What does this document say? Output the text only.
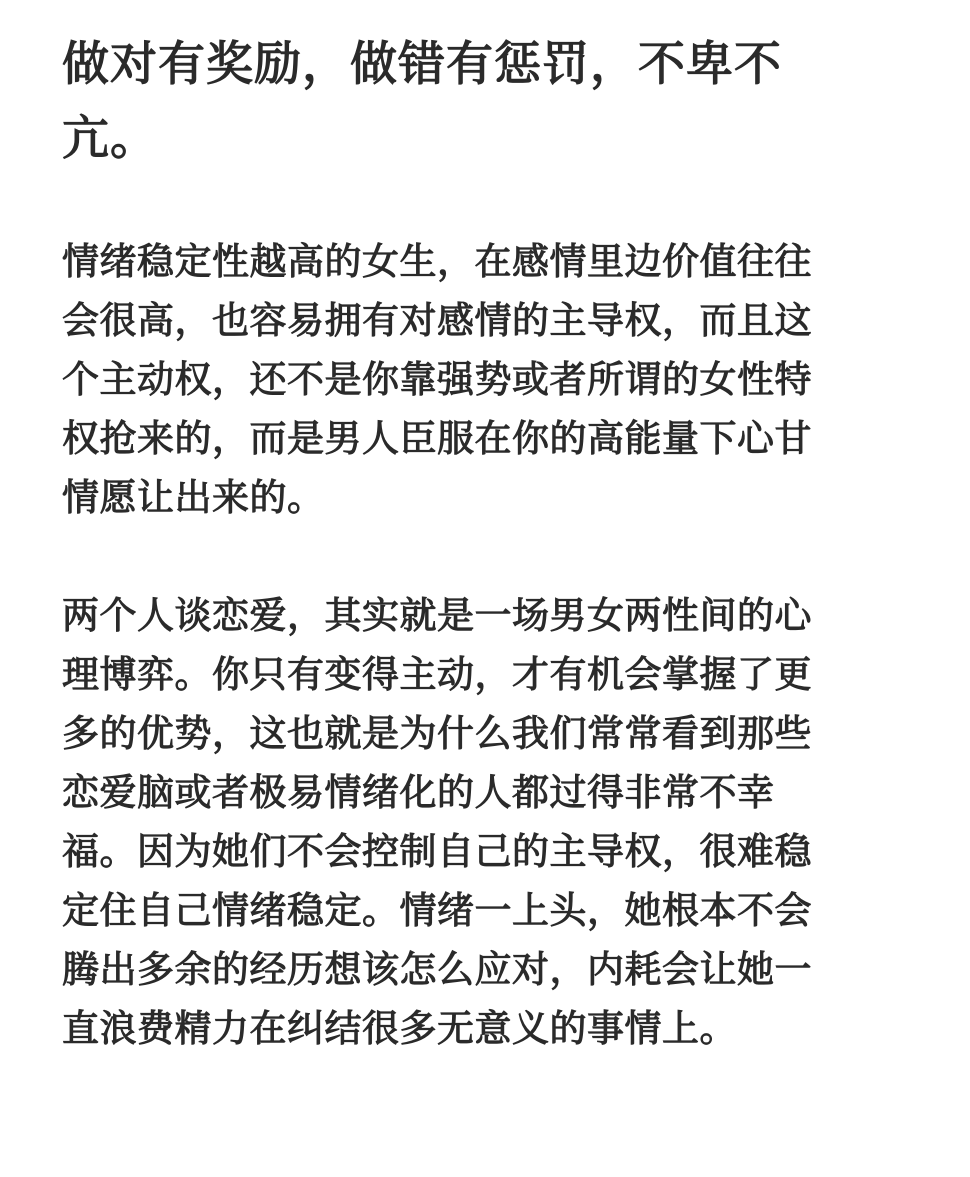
做对有奖励，做错有惩罚，不卑不
亢。
情绪稳定性越高的女生，在感情里边价值往往
会很高，也容易拥有对感情的主导权，而且这
个主动权，还不是你靠强势或者所谓的女性特
权抢来的，而是男人臣服在你的高能量下心甘
情愿让出来的。
两个人谈恋爱，其实就是一场男女两性间的心
理博弈。你只有变得主动，才有机会掌握了更
多的优势，这也就是为什么我们常常看到那些
恋爱脑或者极易情绪化的人都过得非常不幸
福。因为她们不会控制自己的主导权，很难稳
定住自己情绪稳定。情绪一上头，她根本不会
腾出多余的经历想该怎么应对，内耗会让她一
直浪费精力在纠结很多无意义的事情上。
